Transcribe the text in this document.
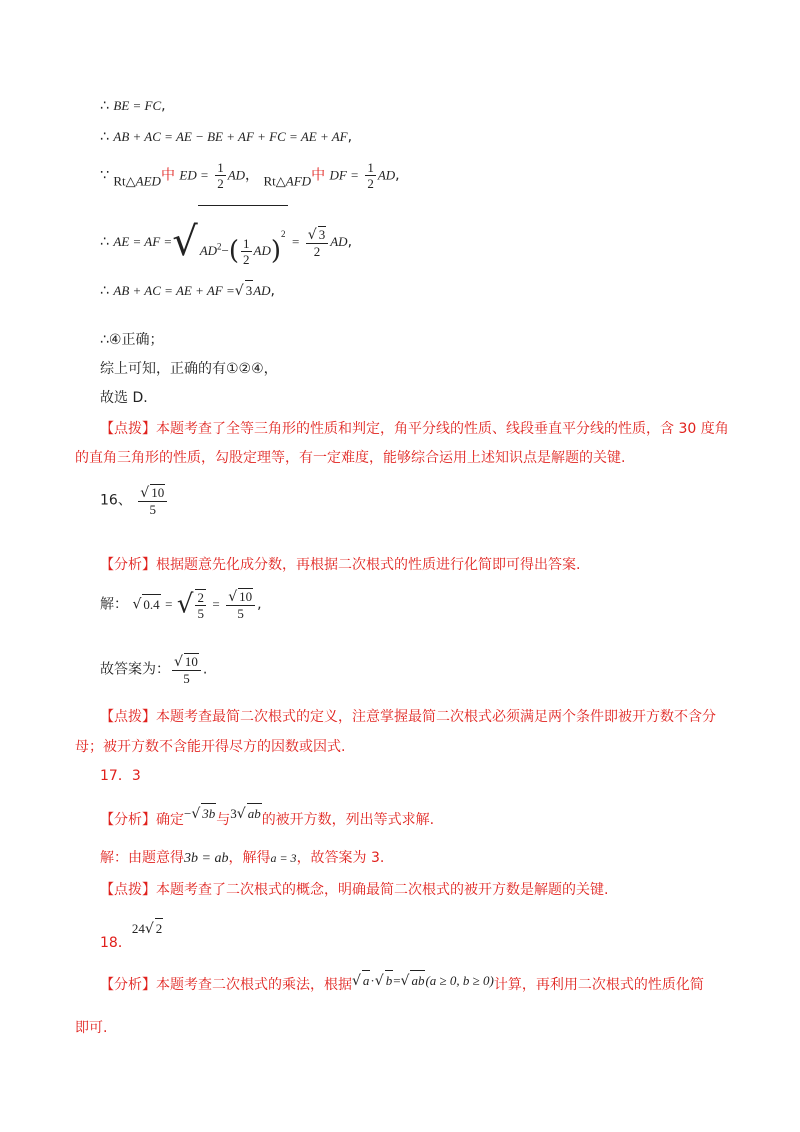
∴ BE = FC,
∴ AB + AC = AE − BE + AF + FC = AE + AF,
∵ Rt△AED中 ED = $\frac{1}{2}$ AD， Rt△AFD中 DF = $\frac{1}{2}$ AD,
∴ AE = AF =√ $AD^2-( \frac{1}{2} AD)^2 = \frac{√ 3}{2}$ AD,
∴ AB + AC = AE + AF =√ 3AD,
∴④正确；
综上可知，正确的有①②④，
故选 D.
【点拨】本题考查了全等三角形的性质和判定，角平分线的性质、线段垂直平分线的性质，含 30 度角
的直角三角形的性质，勾股定理等，有一定难度，能够综合运用上述知识点是解题的关键.
16、 $\frac{√ 10}{5}$
【分析】根据题意先化成分数，再根据二次根式的性质进行化简即可得出答案.
解： √ 0.4 = √ $\frac{2}{5} = \frac{√ 10}{5}$ ,
故答案为： $\frac{√ 10}{5}$ .
【点拨】本题考查最简二次根式的定义，注意掌握最简二次根式必须满足两个条件即被开方数不含分
母；被开方数不含能开得尽方的因数或因式.
17．3
【分析】确定−√ 3b与3√ ab的被开方数，列出等式求解.
解：由题意得3b = ab，解得a = 3，故答案为 3.
【点拨】本题考查了二次根式的概念，明确最简二次根式的被开方数是解题的关键.
18．24√ 2
【分析】本题考查二次根式的乘法，根据√ a·√ b=√ ab(a ≥ 0, b ≥ 0)计算，再利用二次根式的性质化简
即可.
